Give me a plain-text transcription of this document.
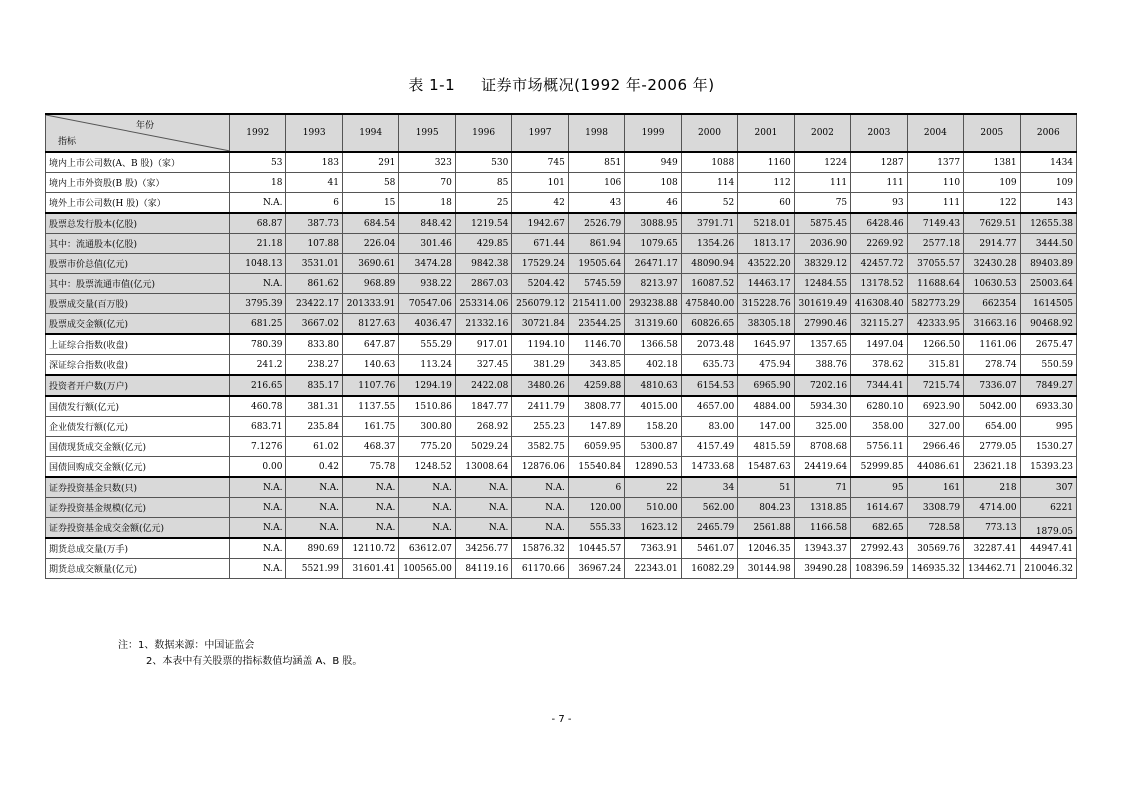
表 1-1 证券市场概况(1992 年-2006 年)
年份
指标	1992	1993	1994	1995	1996	1997	1998	1999	2000	2001	2002	2003	2004	2005	2006
境内上市公司数(A、B 股)（家）	53	183	291	323	530	745	851	949	1088	1160	1224	1287	1377	1381	1434
境内上市外资股(B 股)（家）	18	41	58	70	85	101	106	108	114	112	111	111	110	109	109
境外上市公司数(H 股)（家）	N.A.	6	15	18	25	42	43	46	52	60	75	93	111	122	143
股票总发行股本(亿股)	68.87	387.73	684.54	848.42	1219.54	1942.67	2526.79	3088.95	3791.71	5218.01	5875.45	6428.46	7149.43	7629.51	12655.38
其中：流通股本(亿股)	21.18	107.88	226.04	301.46	429.85	671.44	861.94	1079.65	1354.26	1813.17	2036.90	2269.92	2577.18	2914.77	3444.50
股票市价总值(亿元)	1048.13	3531.01	3690.61	3474.28	9842.38	17529.24	19505.64	26471.17	48090.94	43522.20	38329.12	42457.72	37055.57	32430.28	89403.89
其中：股票流通市值(亿元)	N.A.	861.62	968.89	938.22	2867.03	5204.42	5745.59	8213.97	16087.52	14463.17	12484.55	13178.52	11688.64	10630.53	25003.64
股票成交量(百万股)	3795.39	23422.17	201333.91	70547.06	253314.06	256079.12	215411.00	293238.88	475840.00	315228.76	301619.49	416308.40	582773.29	662354	1614505
股票成交金额(亿元)	681.25	3667.02	8127.63	4036.47	21332.16	30721.84	23544.25	31319.60	60826.65	38305.18	27990.46	32115.27	42333.95	31663.16	90468.92
上证综合指数(收盘)	780.39	833.80	647.87	555.29	917.01	1194.10	1146.70	1366.58	2073.48	1645.97	1357.65	1497.04	1266.50	1161.06	2675.47
深证综合指数(收盘)	241.2	238.27	140.63	113.24	327.45	381.29	343.85	402.18	635.73	475.94	388.76	378.62	315.81	278.74	550.59
投资者开户数(万户)	216.65	835.17	1107.76	1294.19	2422.08	3480.26	4259.88	4810.63	6154.53	6965.90	7202.16	7344.41	7215.74	7336.07	7849.27
国债发行额(亿元)	460.78	381.31	1137.55	1510.86	1847.77	2411.79	3808.77	4015.00	4657.00	4884.00	5934.30	6280.10	6923.90	5042.00	6933.30
企业债发行额(亿元)	683.71	235.84	161.75	300.80	268.92	255.23	147.89	158.20	83.00	147.00	325.00	358.00	327.00	654.00	995
国债现货成交金额(亿元)	7.1276	61.02	468.37	775.20	5029.24	3582.75	6059.95	5300.87	4157.49	4815.59	8708.68	5756.11	2966.46	2779.05	1530.27
国债回购成交金额(亿元)	0.00	0.42	75.78	1248.52	13008.64	12876.06	15540.84	12890.53	14733.68	15487.63	24419.64	52999.85	44086.61	23621.18	15393.23
证券投资基金只数(只)	N.A.	N.A.	N.A.	N.A.	N.A.	N.A.	6	22	34	51	71	95	161	218	307
证券投资基金规模(亿元)	N.A.	N.A.	N.A.	N.A.	N.A.	N.A.	120.00	510.00	562.00	804.23	1318.85	1614.67	3308.79	4714.00	6221
证券投资基金成交金额(亿元)	N.A.	N.A.	N.A.	N.A.	N.A.	N.A.	555.33	1623.12	2465.79	2561.88	1166.58	682.65	728.58	773.13	1879.05
期货总成交量(万手)	N.A.	890.69	12110.72	63612.07	34256.77	15876.32	10445.57	7363.91	5461.07	12046.35	13943.37	27992.43	30569.76	32287.41	44947.41
期货总成交额量(亿元)	N.A.	5521.99	31601.41	100565.00	84119.16	61170.66	36967.24	22343.01	16082.29	30144.98	39490.28	108396.59	146935.32	134462.71	210046.32
注：1、数据来源：中国证监会
2、本表中有关股票的指标数值均涵盖 A、B 股。
- 7 -
